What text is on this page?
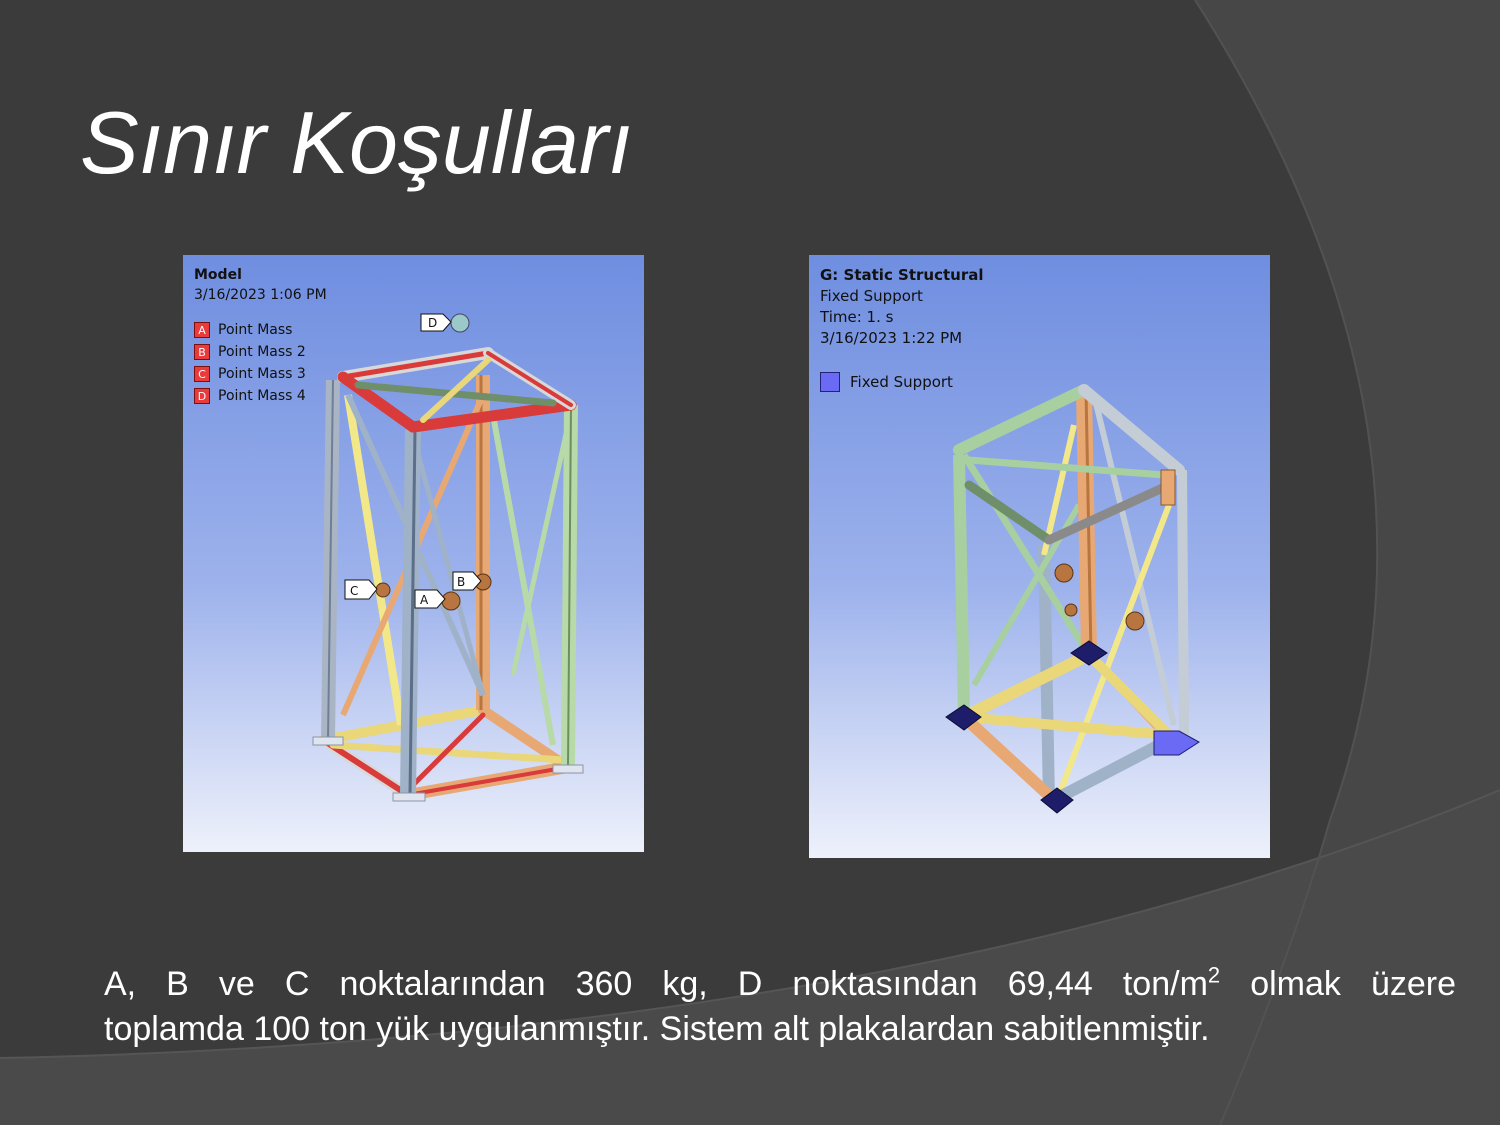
Sınır Koşulları
D
C
A
B
Model
3/16/2023 1:06 PM
A Point Mass
B Point Mass 2
C Point Mass 3
D Point Mass 4
G: Static Structural
Fixed Support
Time: 1. s
3/16/2023 1:22 PM
Fixed Support
A, B ve C noktalarından 360 kg, D noktasından 69,44 ton/$m^2$ olmak üzere
toplamda 100 ton yük uygulanmıştır. Sistem alt plakalardan sabitlenmiştir.
